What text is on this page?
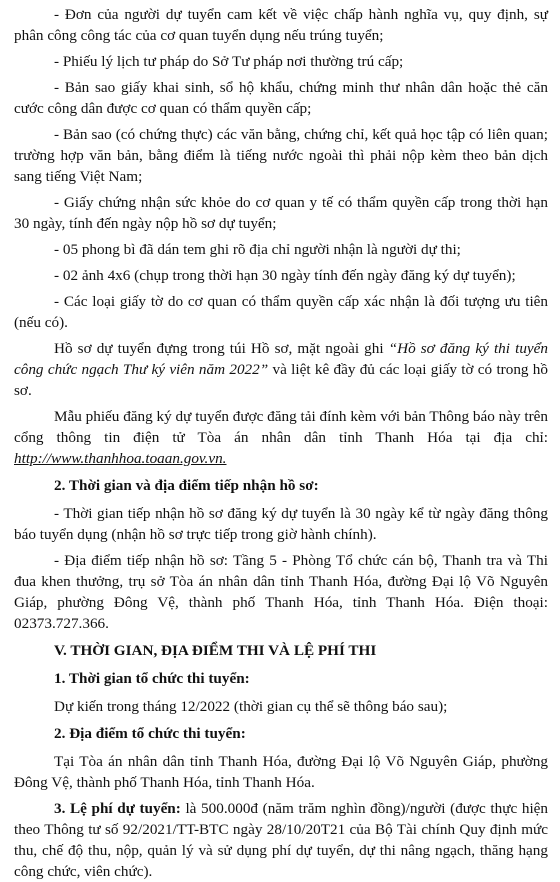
- Đơn của người dự tuyển cam kết về việc chấp hành nghĩa vụ, quy định, sự phân công công tác của cơ quan tuyển dụng nếu trúng tuyển;

- Phiếu lý lịch tư pháp do Sở Tư pháp nơi thường trú cấp;

- Bản sao giấy khai sinh, sổ hộ khẩu, chứng minh thư nhân dân hoặc thẻ căn cước công dân được cơ quan có thẩm quyền cấp;

- Bản sao (có chứng thực) các văn bằng, chứng chỉ, kết quả học tập có liên quan; trường hợp văn bản, bằng điểm là tiếng nước ngoài thì phải nộp kèm theo bản dịch sang tiếng Việt Nam;

- Giấy chứng nhận sức khỏe do cơ quan y tế có thẩm quyền cấp trong thời hạn 30 ngày, tính đến ngày nộp hồ sơ dự tuyển;

- 05 phong bì đã dán tem ghi rõ địa chỉ người nhận là người dự thi;

- 02 ảnh 4x6 (chụp trong thời hạn 30 ngày tính đến ngày đăng ký dự tuyển);

- Các loại giấy tờ do cơ quan có thẩm quyền cấp xác nhận là đối tượng ưu tiên (nếu có).

Hồ sơ dự tuyển đựng trong túi Hồ sơ, mặt ngoài ghi “Hồ sơ đăng ký thi tuyển công chức ngạch Thư ký viên năm 2022” và liệt kê đầy đủ các loại giấy tờ có trong hồ sơ.

Mẫu phiếu đăng ký dự tuyển được đăng tải đính kèm với bản Thông báo này trên cổng thông tin điện tử Tòa án nhân dân tỉnh Thanh Hóa tại địa chỉ: http://www.thanhhoa.toaan.gov.vn.

2. Thời gian và địa điểm tiếp nhận hồ sơ:

- Thời gian tiếp nhận hồ sơ đăng ký dự tuyển là 30 ngày kể từ ngày đăng thông báo tuyển dụng (nhận hồ sơ trực tiếp trong giờ hành chính).

- Địa điểm tiếp nhận hồ sơ: Tầng 5 - Phòng Tổ chức cán bộ, Thanh tra và Thi đua khen thưởng, trụ sở Tòa án nhân dân tỉnh Thanh Hóa, đường Đại lộ Võ Nguyên Giáp, phường Đông Vệ, thành phố Thanh Hóa, tỉnh Thanh Hóa. Điện thoại: 02373.727.366.

V. THỜI GIAN, ĐỊA ĐIỂM THI VÀ LỆ PHÍ THI

1. Thời gian tổ chức thi tuyển:

Dự kiến trong tháng 12/2022 (thời gian cụ thể sẽ thông báo sau);

2. Địa điểm tổ chức thi tuyển:

Tại Tòa án nhân dân tỉnh Thanh Hóa, đường Đại lộ Võ Nguyên Giáp, phường Đông Vệ, thành phố Thanh Hóa, tỉnh Thanh Hóa.

3. Lệ phí dự tuyển: là 500.000đ (năm trăm nghìn đồng)/người (được thực hiện theo Thông tư số 92/2021/TT-BTC ngày 28/10/20T21 của Bộ Tài chính Quy định mức thu, chế độ thu, nộp, quản lý và sử dụng phí dự tuyển, dự thi nâng ngạch, thăng hạng công chức, viên chức).
